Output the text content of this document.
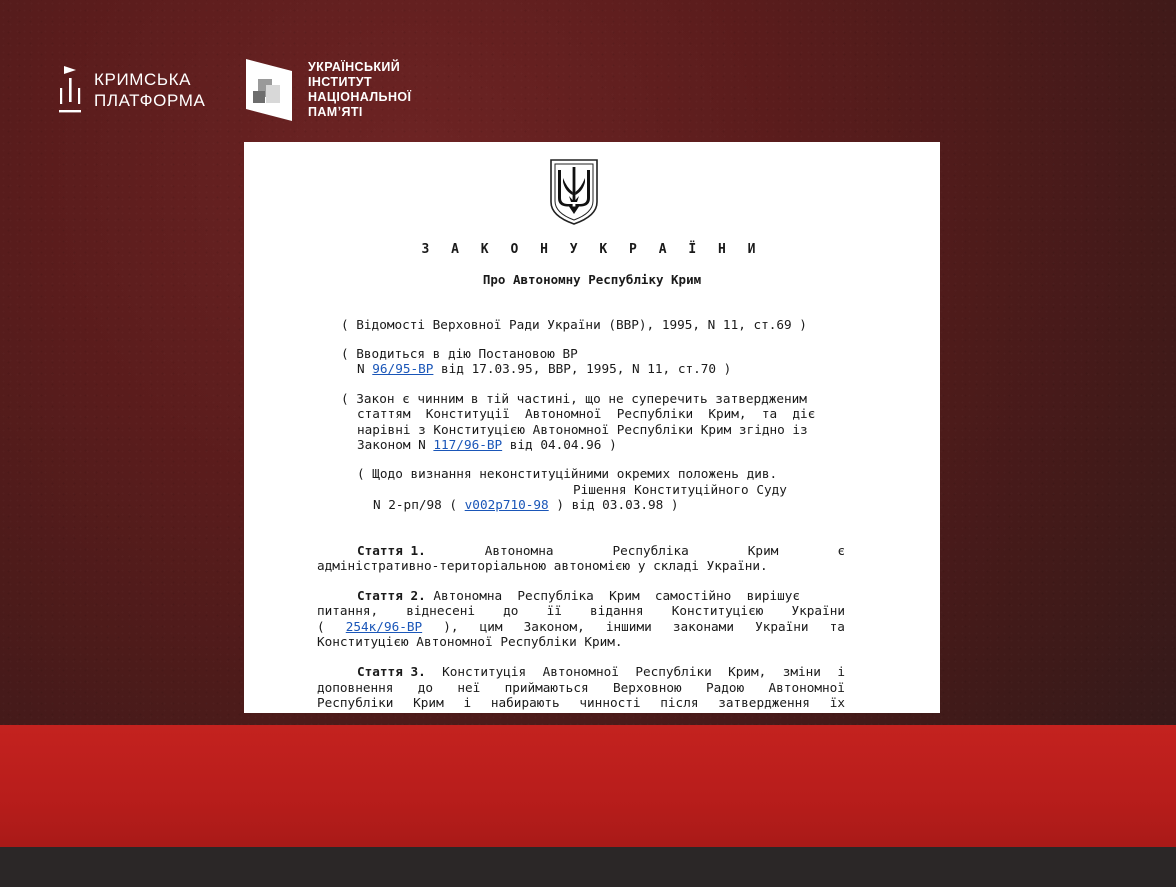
КРИМСЬКА
ПЛАТФОРМА
УКРАЇНСЬКИЙ
ІНСТИТУТ
НАЦІОНАЛЬНОЇ
ПАМʼЯТІ
З А К О Н У К Р А Ї Н И
Про Автономну Республіку Крим
( Відомості Верховної Ради України (ВВР), 1995, N 11, ст.69 )
( Вводиться в дію Постановою ВР
N 96/95-ВР від 17.03.95, ВВР, 1995, N 11, ст.70 )
( Закон є чинним в тій частині, що не суперечить затвердженим
статтям  Конституції  Автономної  Республіки  Крим,  та  діє
нарівні з Конституцією Автономної Республіки Крим згідно із
Законом N 117/96-ВР від 04.04.96 )
( Щодо визнання неконституційними окремих положень див.
Рішення Конституційного Суду
N 2-рп/98 ( v002p710-98 ) від 03.03.98 )
Стаття 1.	Автономна	Республіка	Крим	є
адміністративно-територіальною автономією у складі України.
Стаття 2. Автономна  Республіка  Крим  самостійно  вирішує
питання, віднесені до її відання Конституцією України
( 254к/96-ВР ), цим Законом, іншими законами України та
Конституцією Автономної Республіки Крим.
Стаття 3. Конституція Автономної Республіки Крим, зміни і
доповнення до неї приймаються Верховною Радою Автономної
Республіки Крим і набирають чинності після затвердження їх
